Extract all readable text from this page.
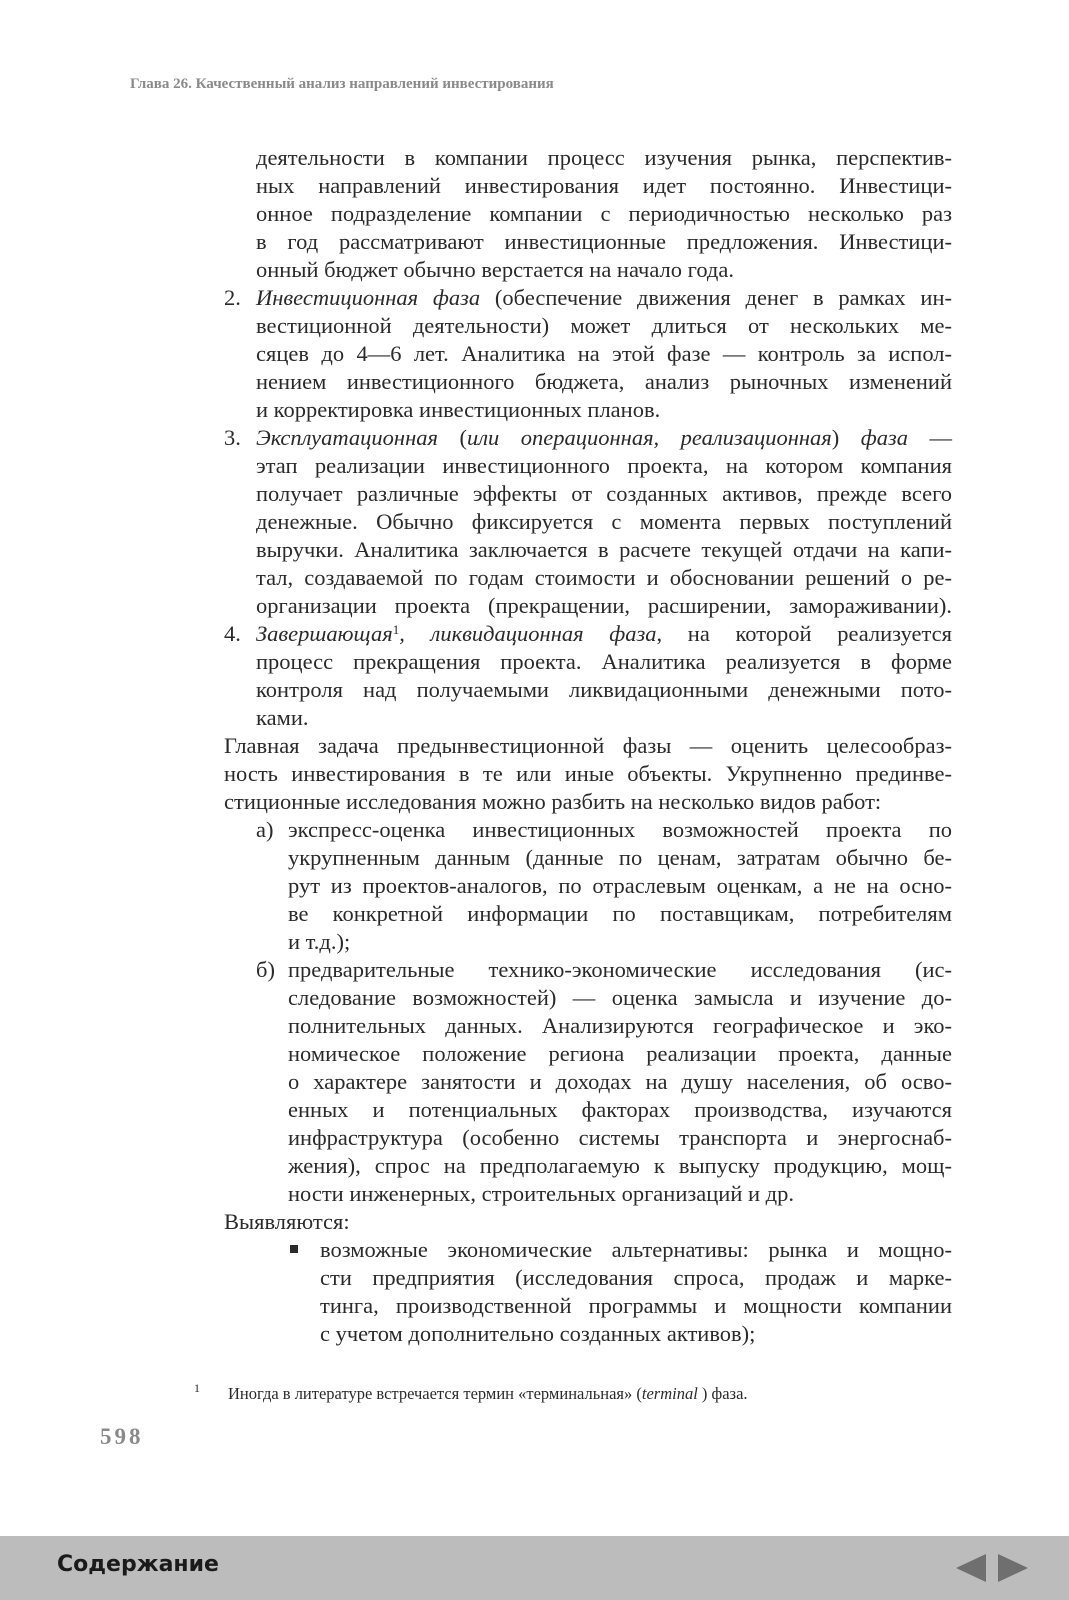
Глава 26. Качественный анализ направлений инвестирования
деятельности в компании процесс изучения рынка, перспектив-
ных направлений инвестирования идет постоянно. Инвестици-
онное подразделение компании с периодичностью несколько раз
в год рассматривают инвестиционные предложения. Инвестици-
онный бюджет обычно верстается на начало года.
2. Инвестиционная фаза (обеспечение движения денег в рамках ин-
вестиционной деятельности) может длиться от нескольких ме-
сяцев до 4—6 лет. Аналитика на этой фазе — контроль за испол-
нением инвестиционного бюджета, анализ рыночных изменений
и корректировка инвестиционных планов.
3. Эксплуатационная (или операционная, реализационная) фаза —
этап реализации инвестиционного проекта, на котором компания
получает различные эффекты от созданных активов, прежде всего
денежные. Обычно фиксируется с момента первых поступлений
выручки. Аналитика заключается в расчете текущей отдачи на капи-
тал, создаваемой по годам стоимости и обосновании решений о ре-
организации проекта (прекращении, расширении, замораживании).
4. Завершающая$^1$, ликвидационная фаза, на которой реализуется
процесс прекращения проекта. Аналитика реализуется в форме
контроля над получаемыми ликвидационными денежными пото-
ками.
Главная задача предынвестиционной фазы — оценить целесообраз-
ность инвестирования в те или иные объекты. Укрупненно прединве-
стиционные исследования можно разбить на несколько видов работ:
а) экспресс-оценка инвестиционных возможностей проекта по
укрупненным данным (данные по ценам, затратам обычно бе-
рут из проектов-аналогов, по отраслевым оценкам, а не на осно-
ве конкретной информации по поставщикам, потребителям
и т.д.);
б) предварительные технико-экономические исследования (ис-
следование возможностей) — оценка замысла и изучение до-
полнительных данных. Анализируются географическое и эко-
номическое положение региона реализации проекта, данные
о характере занятости и доходах на душу населения, об осво-
енных и потенциальных факторах производства, изучаются
инфраструктура (особенно системы транспорта и энергоснаб-
жения), спрос на предполагаемую к выпуску продукцию, мощ-
ности инженерных, строительных организаций и др.
Выявляются:
возможные экономические альтернативы: рынка и мощно-
сти предприятия (исследования спроса, продаж и марке-
тинга, производственной программы и мощности компании
с учетом дополнительно созданных активов);
1 Иногда в литературе встречается термин «терминальная» (terminal ) фаза.
598
Содержание
